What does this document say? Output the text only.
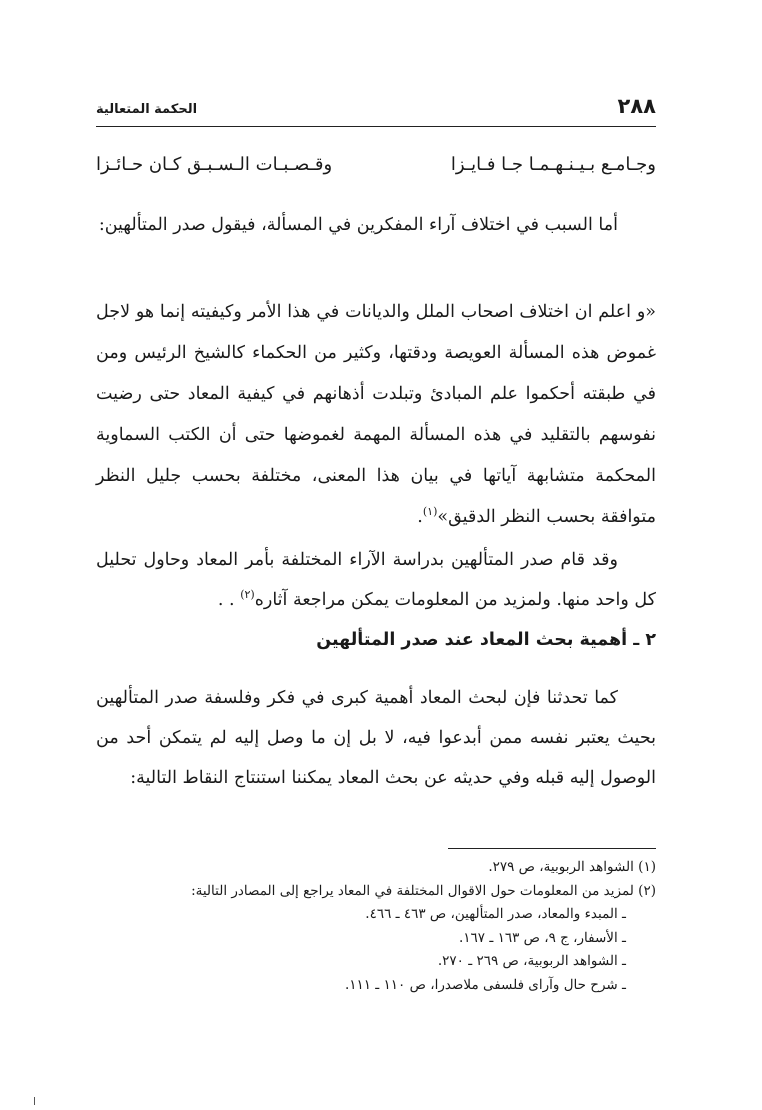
٢٨٨
الحكمة المتعالية
وجـامـع بـيـنـهـمـا جـا فـايـزا
وقـصـبـات الـسـبـق كـان حـائـزا

أما السبب في اختلاف آراء المفكرين في المسألة، فيقول صدر المتألهين:

«و اعلم ان اختلاف اصحاب الملل والديانات في هذا الأمر وكيفيته إنما هو لاجل غموض هذه المسألة العويصة ودقتها، وكثير من الحكماء كالشيخ الرئيس ومن في طبقته أحكموا علم المبادئ وتبلدت أذهانهم في كيفية المعاد حتى رضيت نفوسهم بالتقليد في هذه المسألة المهمة لغموضها حتى أن الكتب السماوية المحكمة متشابهة آياتها في بيان هذا المعنى، مختلفة بحسب جليل النظر متوافقة بحسب النظر الدقيق»$^{(١)}$.

وقد قام صدر المتألهين بدراسة الآراء المختلفة بأمر المعاد وحاول تحليل كل واحد منها. ولمزيد من المعلومات يمكن مراجعة آثاره$^{(٢)}$ . .

٢ ـ أهمية بحث المعاد عند صدر المتألهين

كما تحدثنا فإن لبحث المعاد أهمية كبرى في فكر وفلسفة صدر المتألهين بحيث يعتبر نفسه ممن أبدعوا فيه، لا بل إن ما وصل إليه لم يتمكن أحد من الوصول إليه قبله وفي حديثه عن بحث المعاد يمكننا استنتاج النقاط التالية:

(١) الشواهد الربوبية، ص ٢٧٩.
(٢) لمزيد من المعلومات حول الاقوال المختلفة في المعاد يراجع إلى المصادر التالية:
ـ المبدء والمعاد، صدر المتألهين، ص ٤٦٣ ـ ٤٦٦.
ـ الأسفار، ج ٩، ص ١٦٣ ـ ١٦٧.
ـ الشواهد الربوبية، ص ٢٦٩ ـ ٢٧٠.
ـ شرح حال وآراى فلسفى ملاصدرا، ص ١١٠ ـ ١١١.
